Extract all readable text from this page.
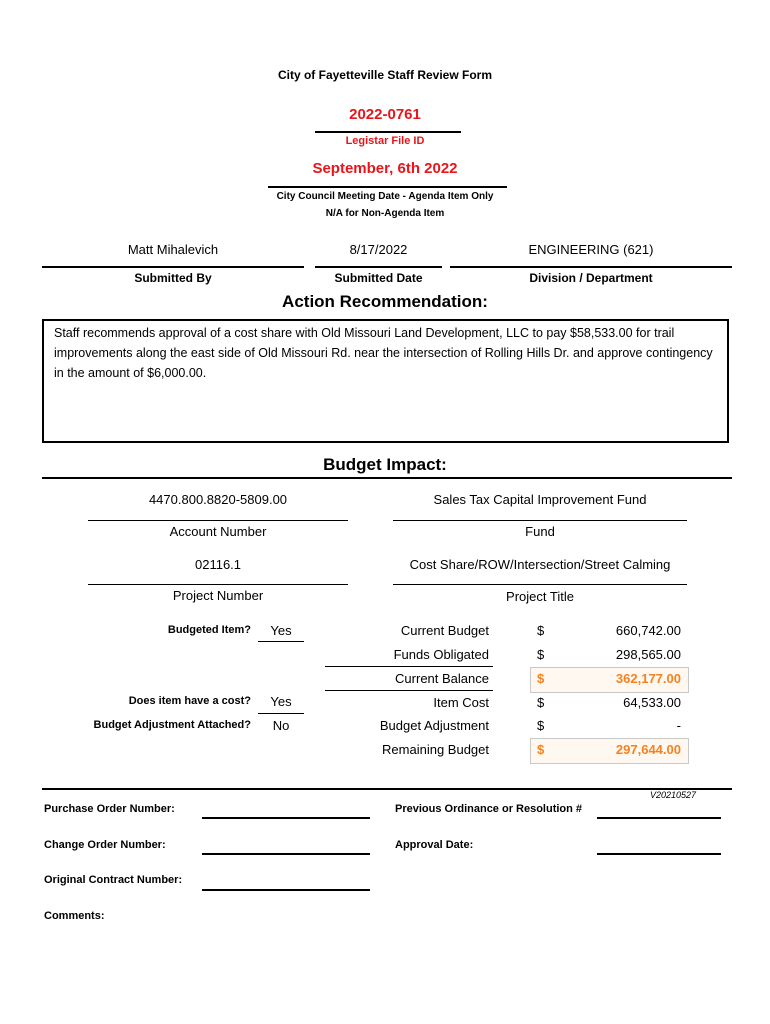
City of Fayetteville Staff Review Form
2022-0761
Legistar File ID
September, 6th 2022
City Council Meeting Date - Agenda Item Only
N/A for Non-Agenda Item
Matt Mihalevich
Submitted By
8/17/2022
Submitted Date
ENGINEERING (621)
Division / Department
Action Recommendation:
Staff recommends approval of a cost share with Old Missouri Land Development, LLC to pay $58,533.00 for trail improvements along the east side of Old Missouri Rd. near the intersection of Rolling Hills Dr. and approve contingency in the amount of $6,000.00.
Budget Impact:
4470.800.8820-5809.00
Account Number
Sales Tax Capital Improvement Fund
Fund
02116.1
Project Number
Cost Share/ROW/Intersection/Street Calming
Project Title
Budgeted Item?	Yes
Does item have a cost?	Yes
Budget Adjustment Attached?	No
Current Budget	$	660,742.00
Funds Obligated	$	298,565.00
Current Balance	$	362,177.00
Item Cost	$	64,533.00
Budget Adjustment	$	-
Remaining Budget	$	297,644.00
V20210527
Purchase Order Number:
Change Order Number:
Original Contract Number:
Comments:
Previous Ordinance or Resolution #
Approval Date:
